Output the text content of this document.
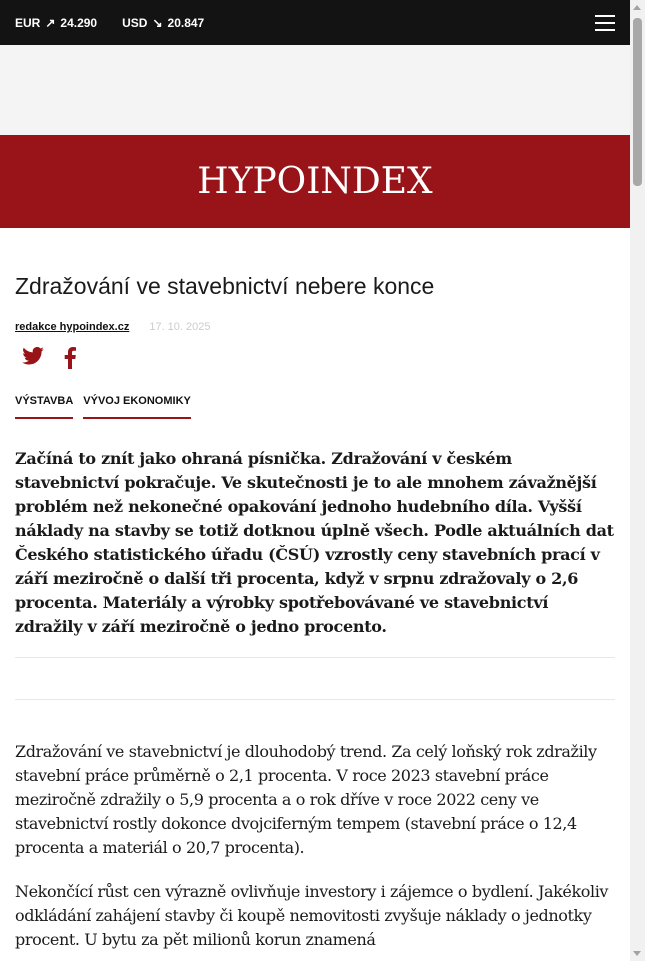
EUR ↗ 24.290 USD ↘ 20.847
HYPOINDEX
Zdražování ve stavebnictví nebere konce
redakce hypoindex.cz 17. 10. 2025
VÝSTAVBA VÝVOJ EKONOMIKY

Začíná to znít jako ohraná písnička. Zdražování v českém stavebnictví pokračuje. Ve skutečnosti je to ale mnohem závažnější problém než nekonečné opakování jednoho hudebního díla. Vyšší náklady na stavby se totiž dotknou úplně všech. Podle aktuálních dat Českého statistického úřadu (ČSÚ) vzrostly ceny stavebních prací v září meziročně o další tři procenta, když v srpnu zdražovaly o 2,6 procenta. Materiály a výrobky spotřebovávané ve stavebnictví zdražily v září meziročně o jedno procento.

Zdražování ve stavebnictví je dlouhodobý trend. Za celý loňský rok zdražily stavební práce průměrně o 2,1 procenta. V roce 2023 stavební práce meziročně zdražily o 5,9 procenta a o rok dříve v roce 2022 ceny ve stavebnictví rostly dokonce dvojciferným tempem (stavební práce o 12,4 procenta a materiál o 20,7 procenta).

Nekončící růst cen výrazně ovlivňuje investory i zájemce o bydlení. Jakékoliv odkládání zahájení stavby či koupě nemovitosti zvyšuje náklady o jednotky procent. U bytu za pět milionů korun znamená
